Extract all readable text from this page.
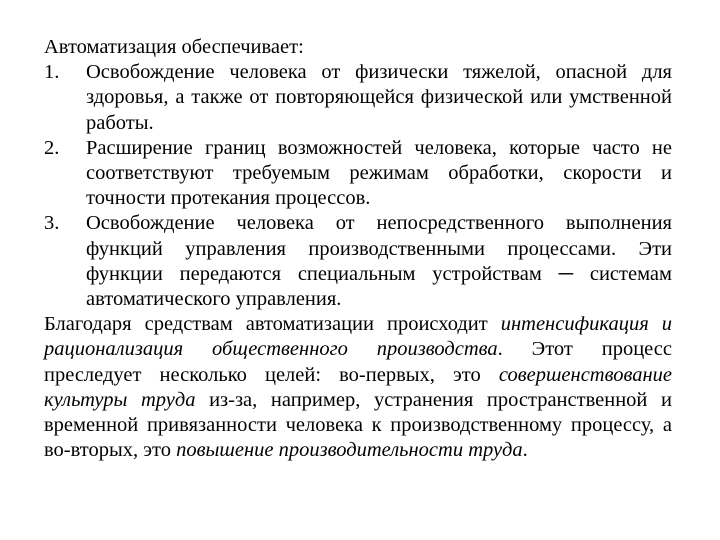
Автоматизация обеспечивает:

1. Освобождение человека от физически тяжелой, опасной для здоровья, а также от повторяющейся физической или умственной работы.
2. Расширение границ возможностей человека, которые часто не соответствуют требуемым режимам обработки, скорости и точности протекания процессов.
3. Освобождение человека от непосредственного выполнения функций управления производственными процессами. Эти функции передаются специальным устройствам ─ системам автоматического управления.

Благодаря средствам автоматизации происходит интенсификация и рационализация общественного производства. Этот процесс преследует несколько целей: во-первых, это совершенствование культуры труда из-за, например, устранения пространственной и временной привязанности человека к производственному процессу, а во-вторых, это повышение производительности труда.
